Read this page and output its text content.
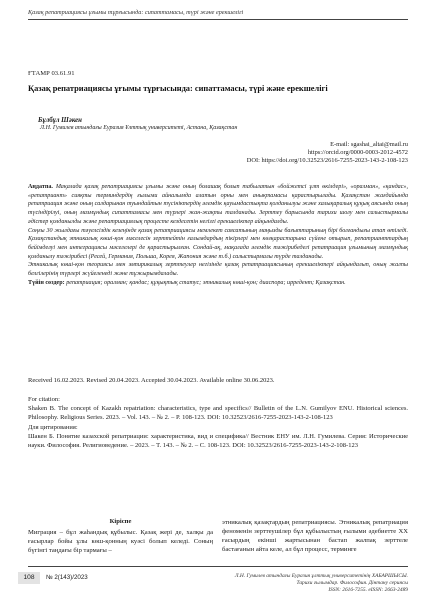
Қазақ репатриациясы ұғымы тұрғысында: сипаттамасы, түрі және ерекшелігі
ҒТАМР 03.61.91
Қазақ репатриациясы ұғымы тұрғысында: сипаттамасы, түрі және ерекшелігі
Бұлбұл Шәкен
Л.Н. Гумилев атындағы Еуразия Ұлттық университеті, Астана, Қазақстан
E-mail: sgashai_altai@mail.ru
https://orcid.org/0000-0003-2012-4572
DOI: https://doi.org/10.32523/2616-7255-2023-143-2-108-123

Аңдатпа. Мақалада қазақ репатриациясы ұғымы және оның болашақ болып табылатын «бойжетсі ұлт өкілдері», «оралман», «қандас», «репатриант» сияқты терминдердің ғылыми айналымда алатын орны мен анықтамасы қарастырылады. Қазақстан жағдайында репатриация және оның салдарынан туындайтын түсініктердің әлемдік қауымдастықта қолданылуы және халықаралық құқық аясында оның түсіндірілуі, оның мазмұндық сипаттамасы мен түрлері жан-жақты талданады. Зерттеу барысында тарихи шолу мен салыстырмалы әдістер қолданылды және репатриациялық процесте кездесетін негізгі ерекшеліктер айқындалды.

Соңғы 30 жылдағы тәуелсіздік кезеңінде қазақ репатриациясы мемлекет саясатының маңызды бағыттарының бірі болғандығы атап өтіледі. Қазақстандық этникалық көші-қон мәселесін зерттейтін ғалымдардың пікірлері мен көзқарастарына сүйене отырып, репатрианттардың бейімделуі мен интеграциясы мәселелері де қарастырылған. Сондай-ақ, мақалада әлемдік тәжірибедегі репатриация ұғымының мазмұндық қолданылу тәжірибесі (Ресей, Германия, Польша, Корея, Жапония және т.б.) салыстырмалы түрде талданады.

Этникалық көші-қон теориясы мен эмпирикалық зерттеулер негізінде қазақ репатриациясының ерекшеліктері айқындалып, оның жалпы белгілерінің түрлері жүйеленеді және тұжырымдалады.

Түйін сөздер: репатриация; оралман; қандас; құқықтық статус; этникалық көші-қон; диаспора; ирредент; Қазақстан.

Received 16.02.2023. Revised 20.04.2023. Accepted 30.04.2023. Available online 30.06.2023.
For citation:
Shaken B. The concept of Kazakh repatriation: characteristics, type and specifics// Bulletin of the L.N. Gumilyov ENU. Historical sciences. Philosophy. Religious Series. 2023. – Vol. 143. – № 2. – P. 108-123. DOI: 10.32523/2616-7255-2023-143-2-108-123
Для цитирования:
Шакен Б. Понятие казахской репатриации: характеристика, вид и специфика// Вестник ЕНУ им. Л.Н. Гумилева. Серия: Исторические науки. Философия. Религиоведение. – 2023. – Т. 143. – № 2. – С. 108-123. DOI: 10.32523/2616-7255-2023-143-2-108-123
Кіріспе
Миграция – бұл жаһандық құбылыс. Қазақ жері де, халқы да ғасырлар бойы ұлы көш-қонның куәсі болып келеді. Соның бүгінгі таңдағы бір тармағы –
этникалық қазақтардың репатриациясы. Этникалық репатриация феноменін зерттеушілер бұл құбылыстың ғылыми әдебиетте ХХ ғасырдың екінші жартысынан бастап жалпақ зерттеле бастағанын айта келе, ал бұл процесс, терминге
108	№ 2(143)/2023	Л.Н. Гумилев атындағы Еуразия ұлттық университетінің ХАБАРШЫСЫ.
Тарихи ғылымдар. Философия. Дінтану сериясы
ISSN: 2616-7255. eISSN: 2663-2489
